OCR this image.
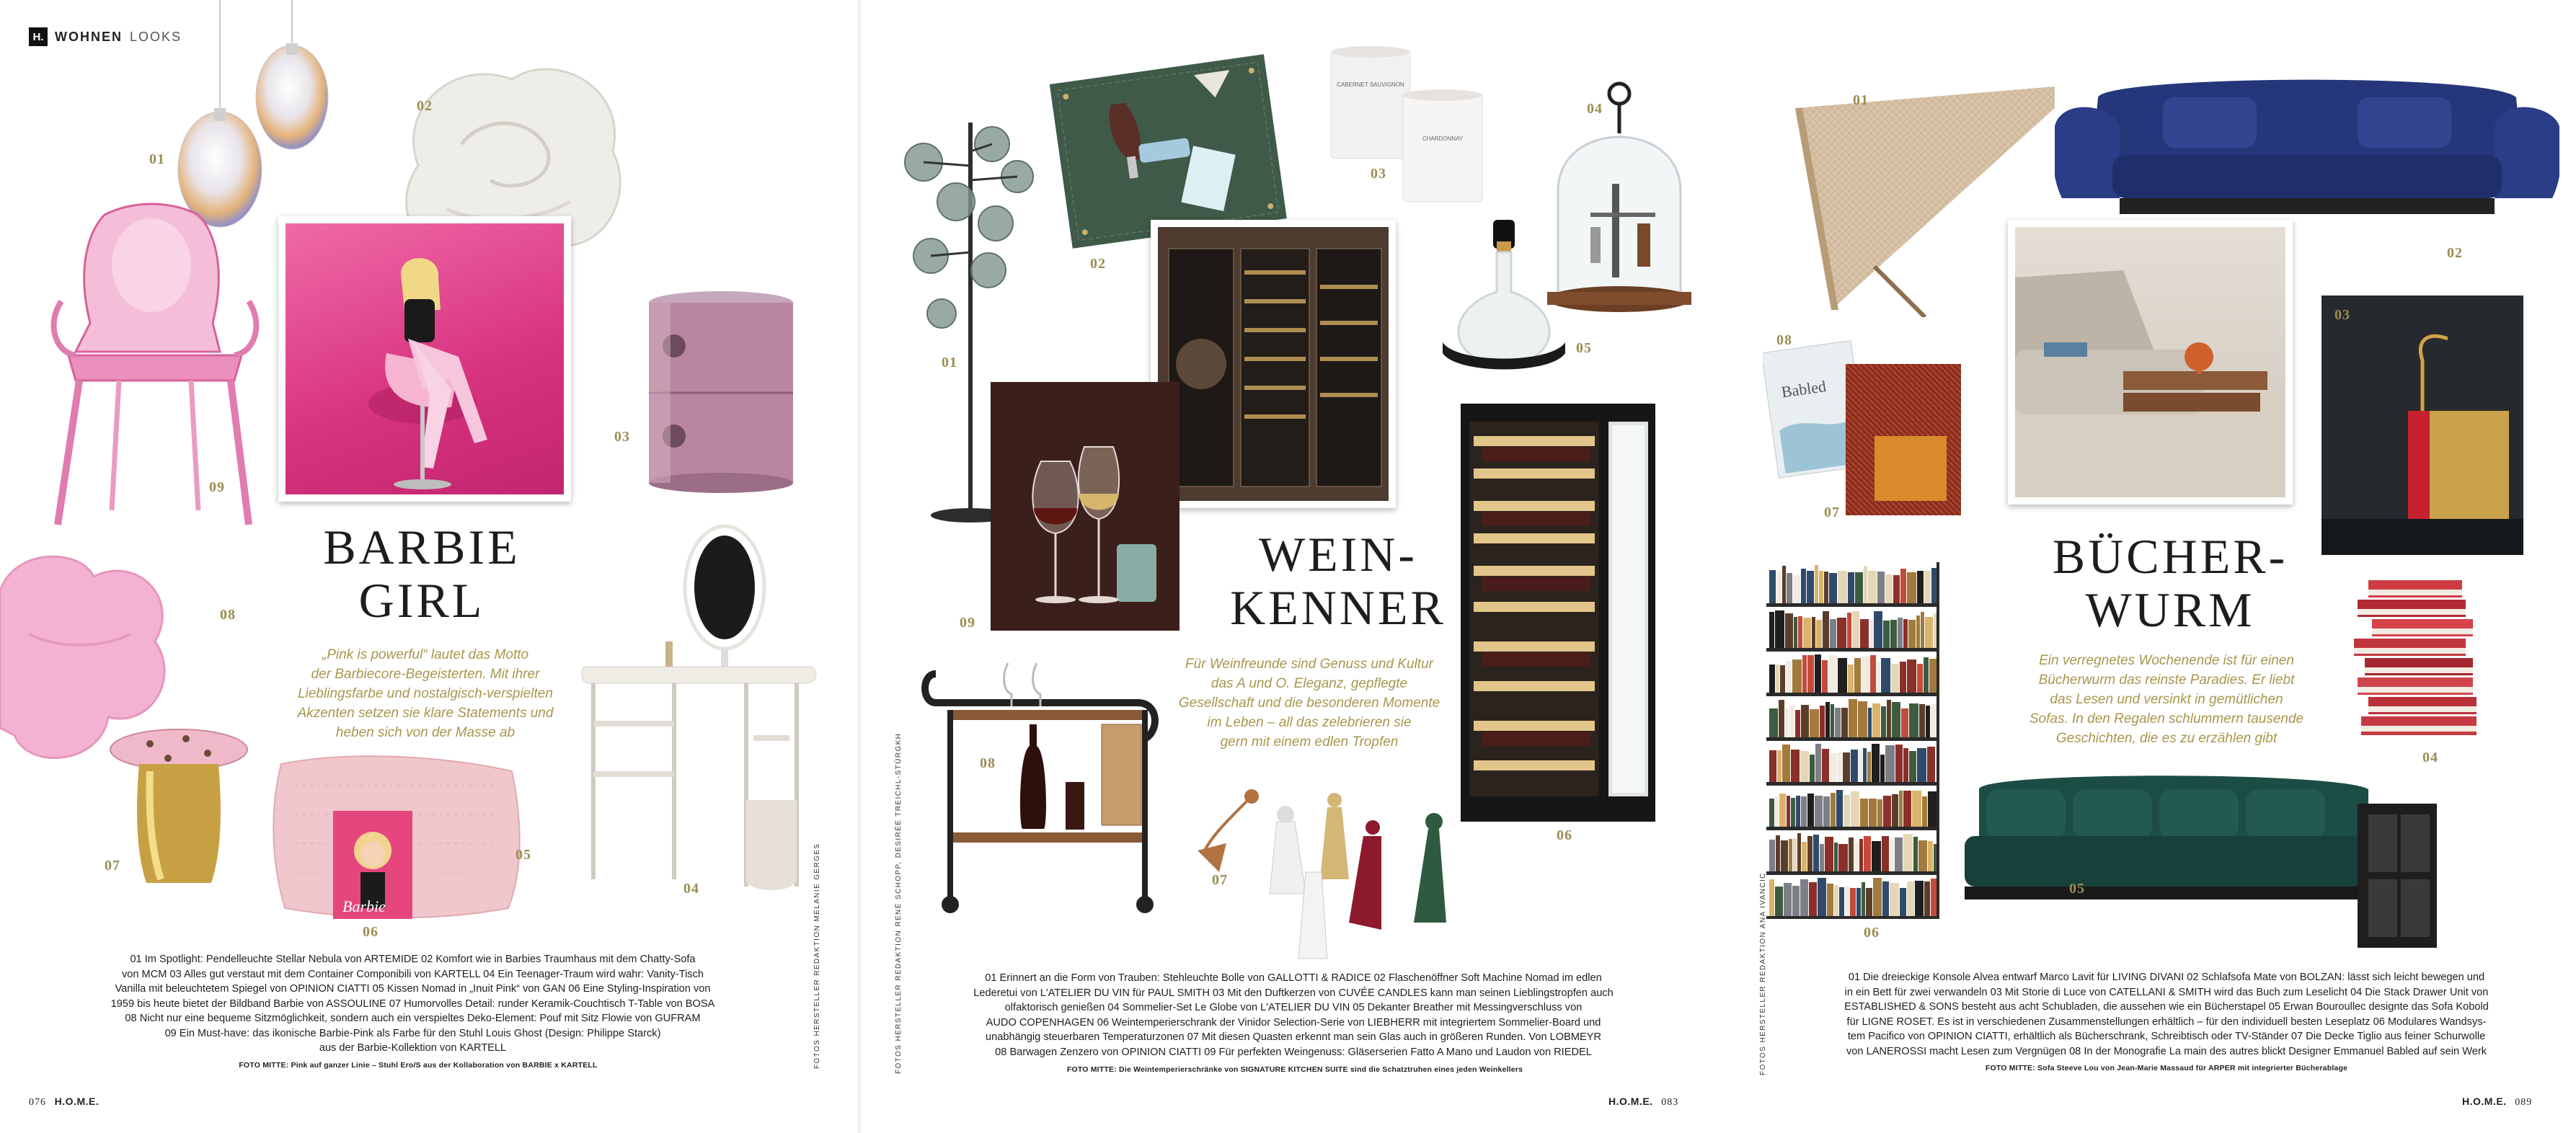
H. WOHNEN LOOKS
01
02
09
03
BARBIE
GIRL
„Pink is powerful“ lautet das Motto
der Barbiecore-Begeisterten. Mit ihrer
Lieblingsfarbe und nostalgisch-verspielten
Akzenten setzen sie klare Statements und
heben sich von der Masse ab
08
07
Barbie
05
06
04	FOTOS HERSTELLER REDAKTION MELANIE GERGES
01 Im Spotlight: Pendelleuchte Stellar Nebula von ARTEMIDE 02 Komfort wie in Barbies Traumhaus mit dem Chatty-Sofa
von MCM 03 Alles gut verstaut mit dem Container Componibili von KARTELL 04 Ein Teenager-Traum wird wahr: Vanity-Tisch
Vanilla mit beleuchtetem Spiegel von OPINION CIATTI 05 Kissen Nomad in „Inuit Pink“ von GAN 06 Eine Styling-Inspiration von
1959 bis heute bietet der Bildband Barbie von ASSOULINE 07 Humorvolles Detail: runder Keramik-Couchtisch T-Table von BOSA
08 Nicht nur eine bequeme Sitzmöglichkeit, sondern auch ein verspieltes Deko-Element: Pouf mit Sitz Flowie von GUFRAM
09 Ein Must-have: das ikonische Barbie-Pink als Farbe für den Stuhl Louis Ghost (Design: Philippe Starck)
aus der Barbie-Kollektion von KARTELL
FOTO MITTE: Pink auf ganzer Linie – Stuhl Ero/S aus der Kollaboration von BARBIE x KARTELL
076 H.O.M.E.
01
02
CABERNET SAUVIGNON
CHARDONNAY
03
04
05
09
WEIN-
KENNER
Für Weinfreunde sind Genuss und Kultur
das A und O. Eleganz, gepflegte
Gesellschaft und die besonderen Momente
im Leben – all das zelebrieren sie
gern mit einem edlen Tropfen
06
08
07
FOTOS HERSTELLER REDAKTION RENÉ SCHOPP, DESIRÉE TREICHL-STÜRGKH	01 Erinnert an die Form von Trauben: Stehleuchte Bolle von GALLOTTI & RADICE 02 Flaschenöffner Soft Machine Nomad im edlen
Lederetui von L'ATELIER DU VIN für PAUL SMITH 03 Mit den Duftkerzen von CUVÉE CANDLES kann man seinen Lieblingstropfen auch
olfaktorisch genießen 04 Sommelier-Set Le Globe von L'ATELIER DU VIN 05 Dekanter Breather mit Messingverschluss von
AUDO COPENHAGEN 06 Weintemperierschrank der Vinidor Selection-Serie von LIEBHERR mit integriertem Sommelier-Board und
unabhängig steuerbaren Temperaturzonen 07 Mit diesen Quasten erkennt man sein Glas auch in größeren Runden. Von LOBMEYR
08 Barwagen Zenzero von OPINION CIATTI 09 Für perfekten Weingenuss: Gläserserien Fatto A Mano und Laudon von RIEDEL
FOTO MITTE: Die Weintemperierschränke von SIGNATURE KITCHEN SUITE sind die Schatztruhen eines jeden Weinkellers
H.O.M.E. 083
01
02
03
04
Babled
08
07
BÜCHER-
WURM
Ein verregnetes Wochenende ist für einen
Bücherwurm das reinste Paradies. Er liebt
das Lesen und versinkt in gemütlichen
Sofas. In den Regalen schlummern tausende
Geschichten, die es zu erzählen gibt
06
05
FOTOS HERSTELLER REDAKTION ANA IVANCIC	01 Die dreieckige Konsole Alvea entwarf Marco Lavit für LIVING DIVANI 02 Schlafsofa Mate von BOLZAN: lässt sich leicht bewegen und
in ein Bett für zwei verwandeln 03 Mit Storie di Luce von CATELLANI & SMITH wird das Buch zum Leselicht 04 Die Stack Drawer Unit von
ESTABLISHED & SONS besteht aus acht Schubladen, die aussehen wie ein Bücherstapel 05 Erwan Bouroullec designte das Sofa Kobold
für LIGNE ROSET. Es ist in verschiedenen Zusammenstellungen erhältlich – für den individuell besten Leseplatz 06 Modulares Wandsys-
tem Pacifico von OPINION CIATTI, erhältlich als Bücherschrank, Schreibtisch oder TV-Ständer 07 Die Decke Tiglio aus feiner Schurwolle
von LANEROSSI macht Lesen zum Vergnügen 08 In der Monografie La main des autres blickt Designer Emmanuel Babled auf sein Werk
FOTO MITTE: Sofa Steeve Lou von Jean-Marie Massaud für ARPER mit integrierter Bücherablage
H.O.M.E. 089
